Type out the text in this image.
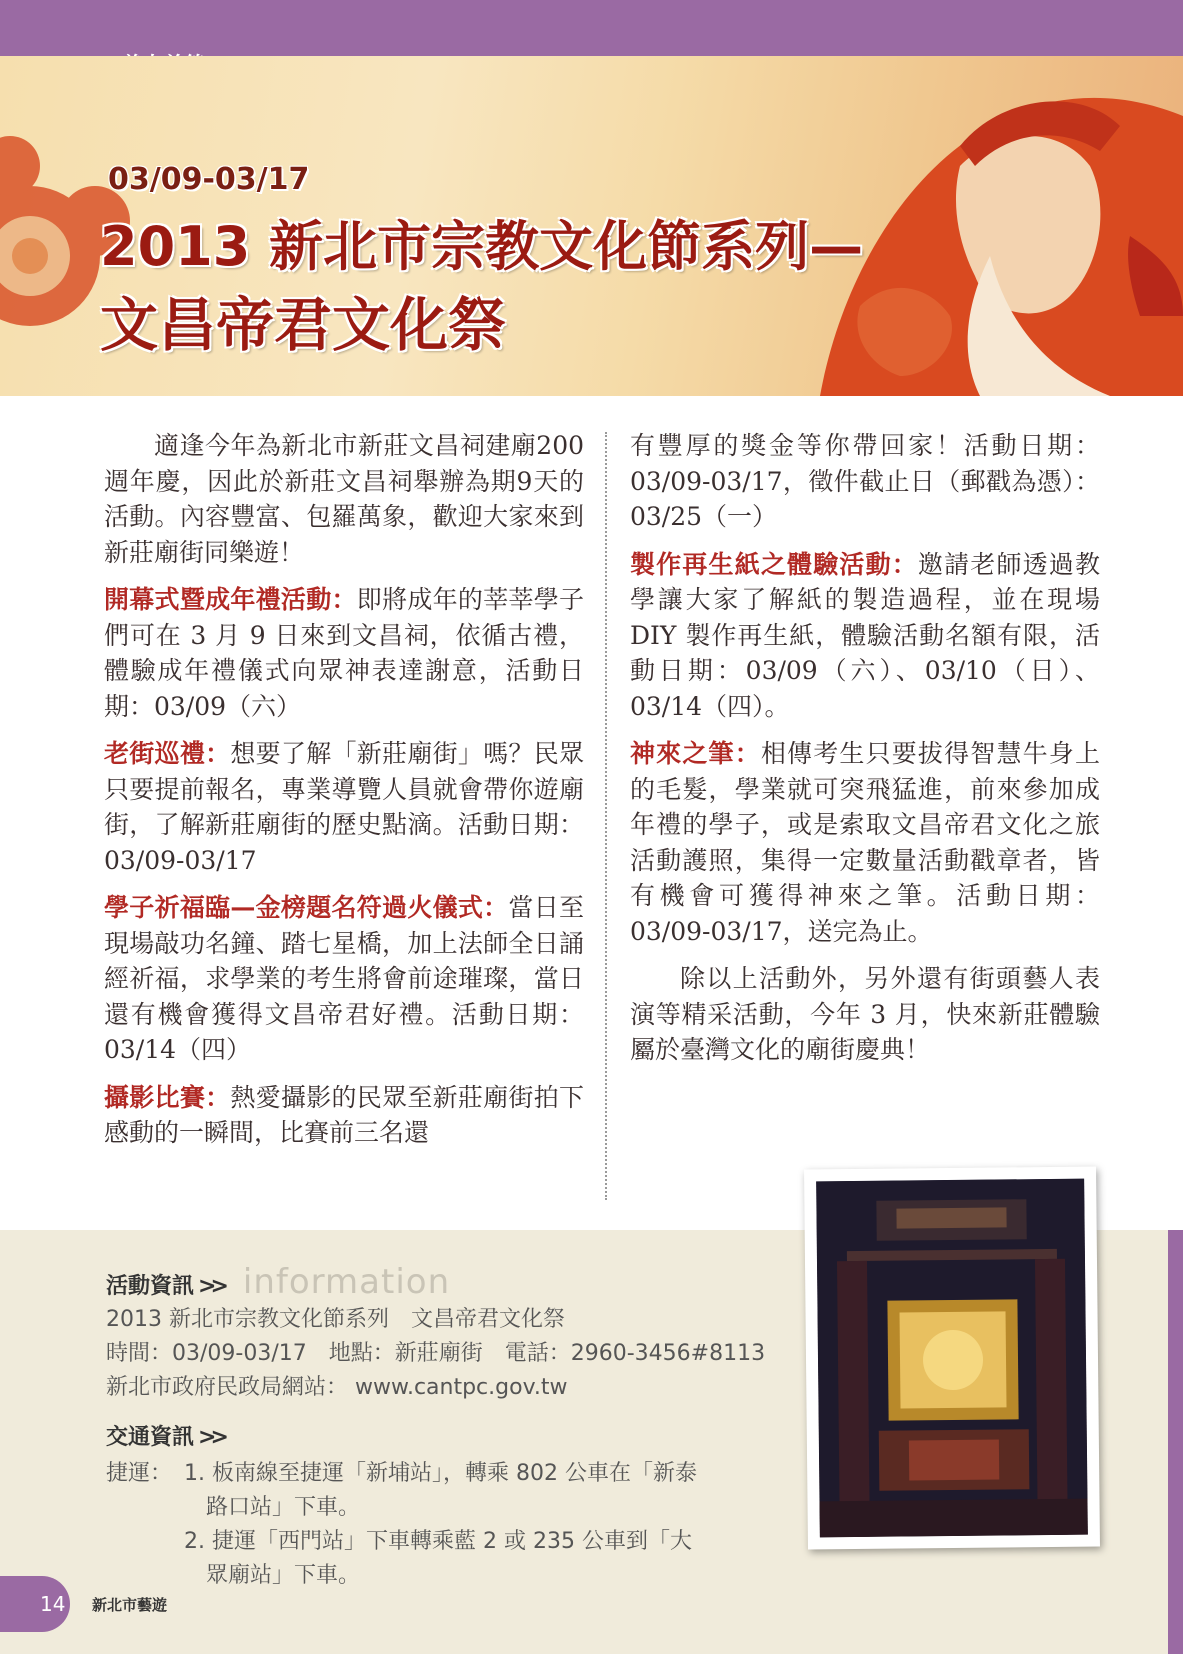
03/09-03/17
2013 新北市宗教文化節系列—
文昌帝君文化祭

適逢今年為新北市新莊文昌祠建廟200週年慶，因此於新莊文昌祠舉辦為期9天的活動。內容豐富、包羅萬象，歡迎大家來到新莊廟街同樂遊！

開幕式暨成年禮活動：即將成年的莘莘學子們可在 3 月 9 日來到文昌祠，依循古禮，體驗成年禮儀式向眾神表達謝意，活動日期：03/09（六）

老街巡禮：想要了解「新莊廟街」嗎？民眾只要提前報名，專業導覽人員就會帶你遊廟街，了解新莊廟街的歷史點滴。活動日期：03/09-03/17

學子祈福臨—金榜題名符過火儀式：當日至現場敲功名鐘、踏七星橋，加上法師全日誦經祈福，求學業的考生將會前途璀璨，當日還有機會獲得文昌帝君好禮。活動日期：03/14（四）

攝影比賽：熱愛攝影的民眾至新莊廟街拍下感動的一瞬間，比賽前三名還

有豐厚的獎金等你帶回家！活動日期：03/09-03/17，徵件截止日（郵戳為憑）：03/25（一）

製作再生紙之體驗活動：邀請老師透過教學讓大家了解紙的製造過程，並在現場 DIY 製作再生紙，體驗活動名額有限，活動日期：03/09（六）、03/10（日）、03/14（四）。

神來之筆：相傳考生只要拔得智慧牛身上的毛髮，學業就可突飛猛進，前來參加成年禮的學子，或是索取文昌帝君文化之旅活動護照，集得一定數量活動戳章者，皆有機會可獲得神來之筆。活動日期：03/09-03/17，送完為止。

除以上活動外，另外還有街頭藝人表演等精采活動，今年 3 月，快來新莊體驗屬於臺灣文化的廟街慶典！

活動資訊 >> information
2013 新北市宗教文化節系列　文昌帝君文化祭
時間：03/09-03/17　地點：新莊廟街　電話：2960-3456#8113
新北市政府民政局網站： www.cantpc.gov.tw
交通資訊 >>
捷運： 1. 板南線至捷運「新埔站」，轉乘 802 公車在「新泰
路口站」下車。
2. 捷運「西門站」下車轉乘藍 2 或 235 公車到「大
眾廟站」下車。
14 新北市藝遊
